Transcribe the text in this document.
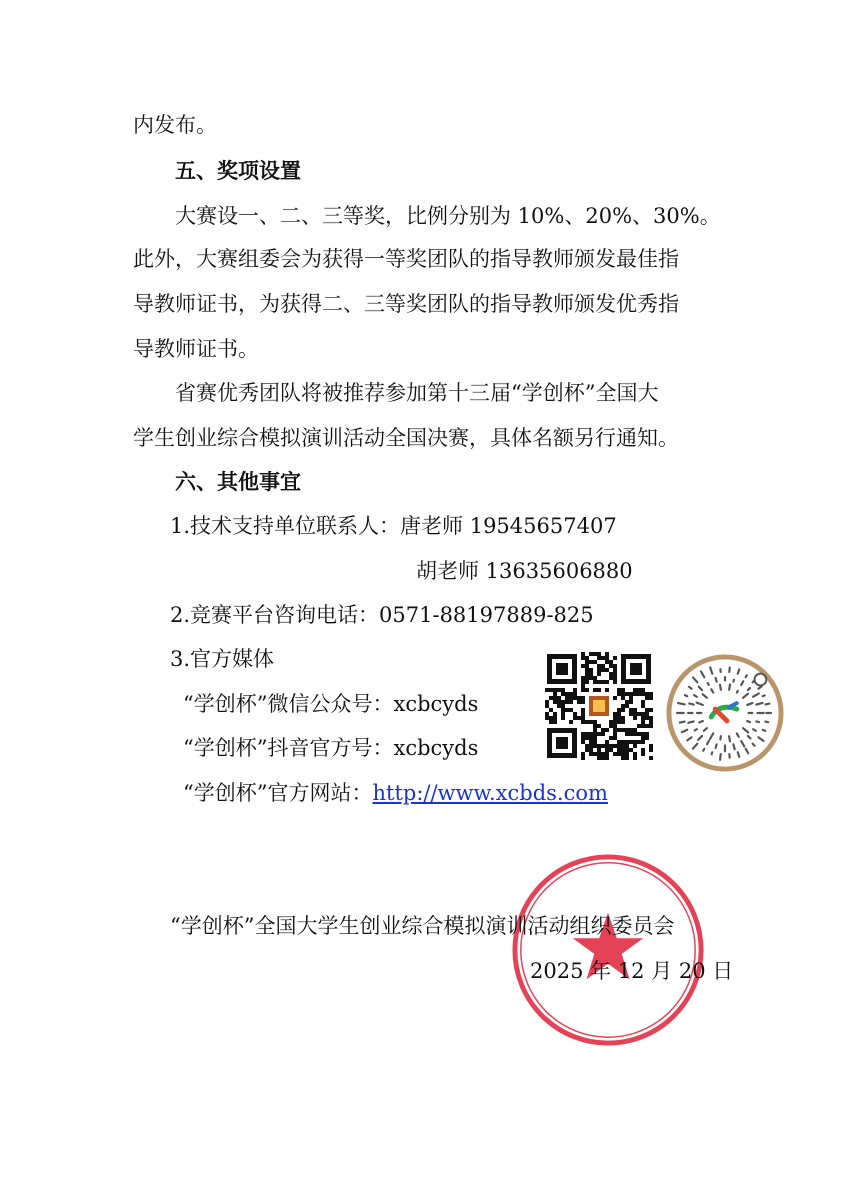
内发布。
五、奖项设置
大赛设一、二、三等奖，比例分别为 10%、20%、30%。
此外，大赛组委会为获得一等奖团队的指导教师颁发最佳指
导教师证书，为获得二、三等奖团队的指导教师颁发优秀指
导教师证书。
省赛优秀团队将被推荐参加第十三届“学创杯”全国大
学生创业综合模拟演训活动全国决赛，具体名额另行通知。
六、其他事宜
1.技术支持单位联系人：唐老师 19545657407
胡老师 13635606880
2.竞赛平台咨询电话：0571-88197889-825
3.官方媒体
“学创杯”微信公众号：xcbcyds
“学创杯”抖音官方号：xcbcyds
“学创杯”官方网站：http://www.xcbds.com
“学创杯”全国大学生创业综合模拟演训活动组织委员会
2025 年 12 月 20 日
